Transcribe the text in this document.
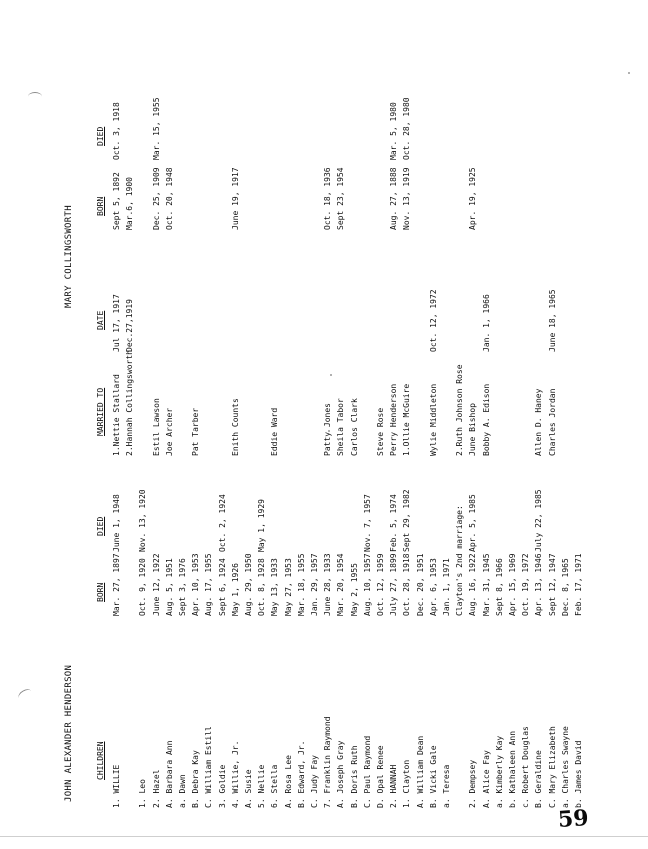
JOHN ALEXANDER HENDERSON
MARY COLLINGSWORTH
CHILDREN
BORN
DIED
MARRIED TO
DATE
BORN
DIED
1. WILLIE
Mar. 27, 1897
June 1, 1948
1.Nettie Stallard
Jul 17, 1917
Sept 5, 1892
Oct. 3, 1918
2.Hannah Collingsworth
Dec.27,1919
Mar.6, 1900
1. Leo
Oct. 9, 1920
Nov. 13, 1920
2. Hazel
June 12, 1922
Estil Lawson
Dec. 25, 1909
Mar. 15, 1955
A. Barbara Ann
Aug. 5, 1951
Joe Archer
Oct. 20, 1948
a. Dawn
Sept 3, 1976
B. Debra Kay
Apr. 10, 1953
Pat Tarber
C. William Estill
Aug. 17, 1955
3. Goldie
Sept 6, 1924
Oct. 2, 1924
4. Willie, Jr.
May 1, 1926
Enith Counts
June 19, 1917
A. Susie
Aug. 29, 1950
5. Nellie
Oct. 8, 1928
May 1, 1929
6. Stella
May 13, 1933
Eddie Ward
A. Rosa Lee
May 27, 1953
B. Edward, Jr.
Mar. 18, 1955
C. Judy Fay
Jan. 29, 1957
7. Franklin Raymond
June 28, 1933
Patty Jones
Oct. 18, 1936
A. Joseph Gray
Mar. 20, 1954
Sheila Tabor
Sept 23, 1954
B. Doris Ruth
May 2, 1955
Carlos Clark
C. Paul Raymond
Aug. 10, 1957
Nov. 7, 1957
D. Opal Renee
Oct. 12, 1959
Steve Rose
2. HANNAH
July 27, 1899
Feb. 5, 1974
Perry Henderson
Aug. 27, 1888
Mar. 5, 1980
1. Clayton
Oct. 28, 1918
Sept 29, 1982
1.Ollie McGuire
Nov. 13, 1919
Oct. 28, 1980
A. William Dean
Dec. 20, 1951
B. Vicki Gale
Apr. 6, 1953
Wylie Middleton
Oct. 12, 1972
a. Teresa
Jan. 1, 1971 Clayton's 2nd marriage:
2.Ruth Johnson Rose
2. Dempsey
Aug. 16, 1922
Apr. 5, 1985
June Bishop
Apr. 19, 1925
A. Alice Fay
Mar. 31, 1945
Bobby A. Edison
Jan. 1, 1966
a. Kimberly Kay
Sept 8, 1966
b. Kathaleen Ann
Apr. 15, 1969
c. Robert Douglas
Oct. 19, 1972
B. Geraldine
Apr. 13, 1946
July 22, 1985
Allen D. Haney
C. Mary Elizabeth
Sept 12, 1947
Charles Jordan
June 18, 1965
a. Charles Swayne
Dec. 8, 1965
b. James David
Feb. 17, 1971
59
